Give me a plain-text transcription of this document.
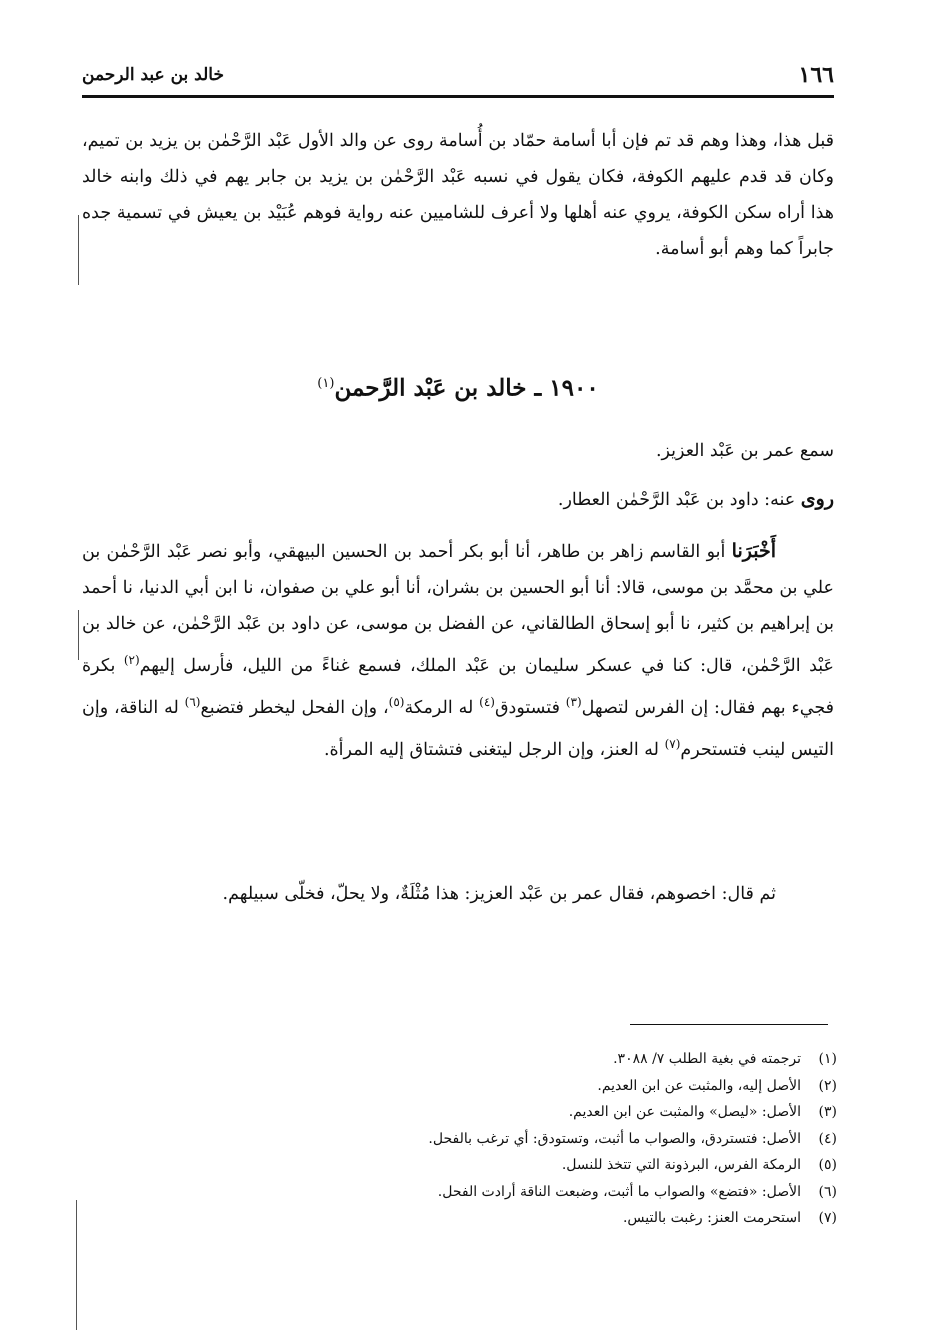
١٦٦
خالد بن عبد الرحمن
قبل هذا، وهذا وهم قد تم فإن أبا أسامة حمّاد بن أُسامة روى عن والد الأول عَبْد الرَّحْمٰن بن يزيد بن تميم، وكان قد قدم عليهم الكوفة، فكان يقول في نسبه عَبْد الرَّحْمٰن بن يزيد بن جابر يهم في ذلك وابنه خالد هذا أراه سكن الكوفة، يروي عنه أهلها ولا أعرف للشاميين عنه رواية فوهم عُبَيْد بن يعيش في تسمية جده جابراً كما وهم أبو أسامة.
١٩٠٠ ـ خالد بن عَبْد الرَّحمن$^{(١)}$
سمع عمر بن عَبْد العزيز.
روى عنه: داود بن عَبْد الرَّحْمٰن العطار.
أَخْبَرَنا أبو القاسم زاهر بن طاهر، أنا أبو بكر أحمد بن الحسين البيهقي، وأبو نصر عَبْد الرَّحْمٰن بن علي بن محمَّد بن موسى، قالا: أنا أبو الحسين بن بشران، أنا أبو علي بن صفوان، نا ابن أبي الدنيا، نا أحمد بن إبراهيم بن كثير، نا أبو إسحاق الطالقاني، عن الفضل بن موسى، عن داود بن عَبْد الرَّحْمٰن، عن خالد بن عَبْد الرَّحْمٰن، قال: كنا في عسكر سليمان بن عَبْد الملك، فسمع غناءً من الليل، فأرسل إليهم$^{(٢)}$ بكرة فجيء بهم فقال: إن الفرس لتصهل$^{(٣)}$ فتستودق$^{(٤)}$ له الرمكة$^{(٥)}$، وإن الفحل ليخطر فتضبع$^{(٦)}$ له الناقة، وإن التيس لينب فتستحرم$^{(٧)}$ له العنز، وإن الرجل ليتغنى فتشتاق إليه المرأة.
ثم قال: اخصوهم، فقال عمر بن عَبْد العزيز: هذا مُثْلَةٌ، ولا يحلّ، فخلّى سبيلهم.
(١)ترجمته في بغية الطلب ٧/ ٣٠٨٨.
(٢)الأصل إليه، والمثبت عن ابن العديم.
(٣)الأصل: «ليصل» والمثبت عن ابن العديم.
(٤)الأصل: فتستردق، والصواب ما أثبت، وتستودق: أي ترغب بالفحل.
(٥)الرمكة الفرس، البرذونة التي تتخذ للنسل.
(٦)الأصل: «فتضع» والصواب ما أثبت، وضبعت الناقة أرادت الفحل.
(٧)استحرمت العنز: رغبت بالتيس.
